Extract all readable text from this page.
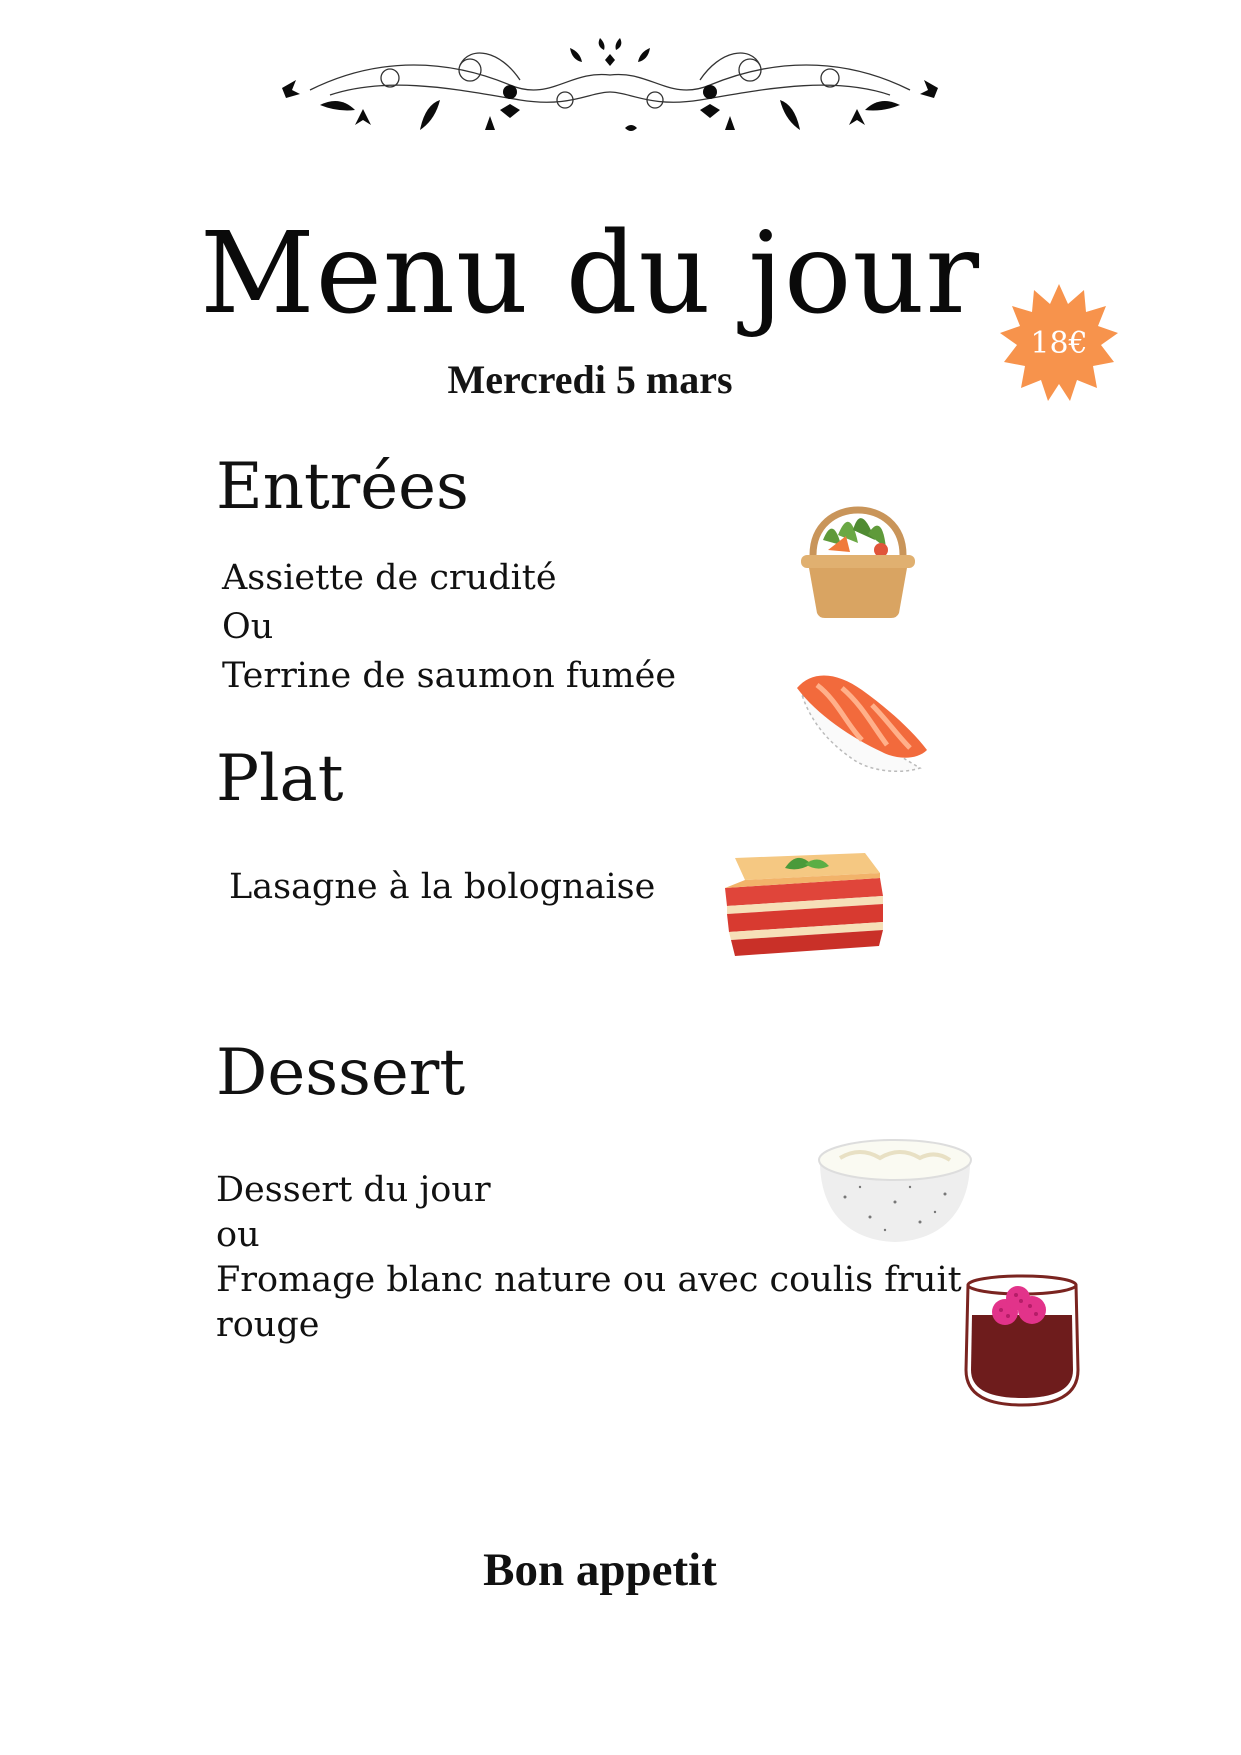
Menu du jour
Mercredi 5 mars
18€
Entrées
Assiette de crudité
Ou
Terrine de saumon fumée
Plat
Lasagne à la bolognaise
Dessert
Dessert du jour
ou
Fromage blanc nature ou avec coulis fruit
rouge
Bon appetit
